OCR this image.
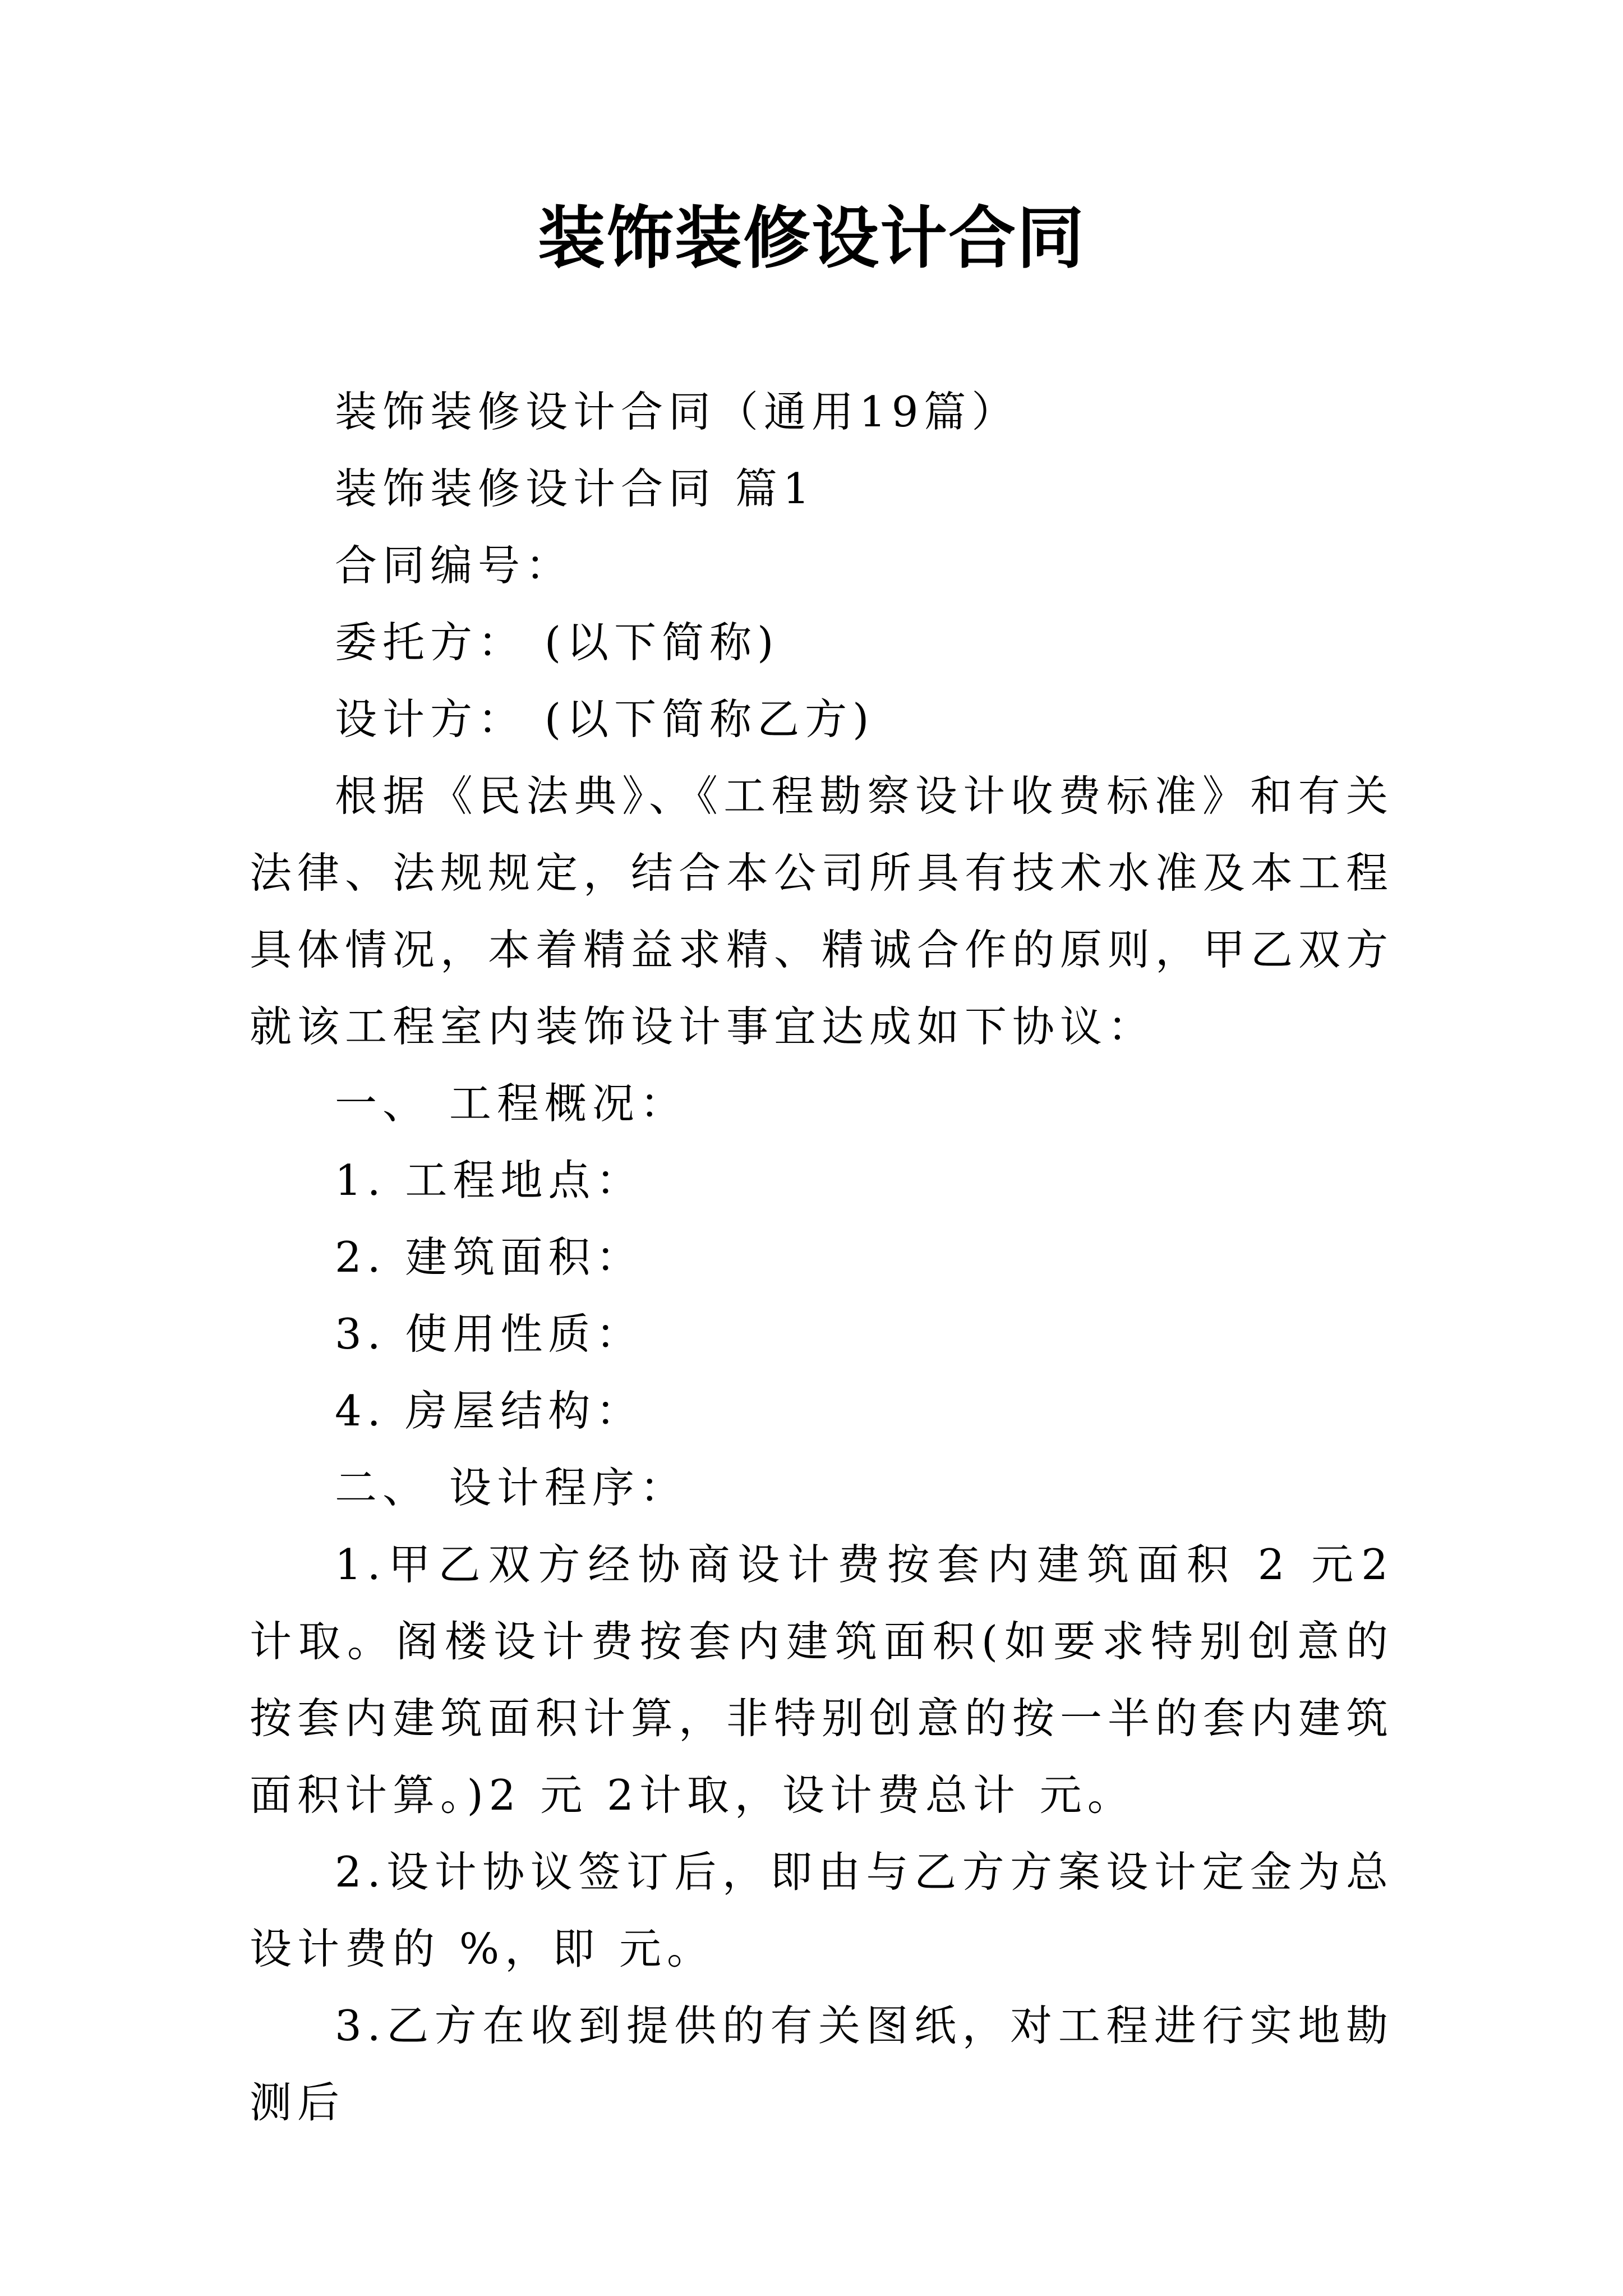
装饰装修设计合同

装饰装修设计合同（通用19篇）

装饰装修设计合同 篇1

合同编号：

委托方： (以下简称)

设计方： (以下简称乙方)

根据《民法典》、《工程勘察设计收费标准》和有关法律、法规规定，结合本公司所具有技术水准及本工程具体情况，本着精益求精、精诚合作的原则，甲乙双方就该工程室内装饰设计事宜达成如下协议：

一、 工程概况：

1. 工程地点：

2. 建筑面积：

3. 使用性质：

4. 房屋结构：

二、 设计程序：

1.甲乙双方经协商设计费按套内建筑面积 2 元2计取。阁楼设计费按套内建筑面积(如要求特别创意的按套内建筑面积计算，非特别创意的按一半的套内建筑面积计算。)2 元 2计取，设计费总计 元。

2.设计协议签订后，即由与乙方方案设计定金为总设计费的 %，即 元。

3.乙方在收到提供的有关图纸，对工程进行实地勘测后
